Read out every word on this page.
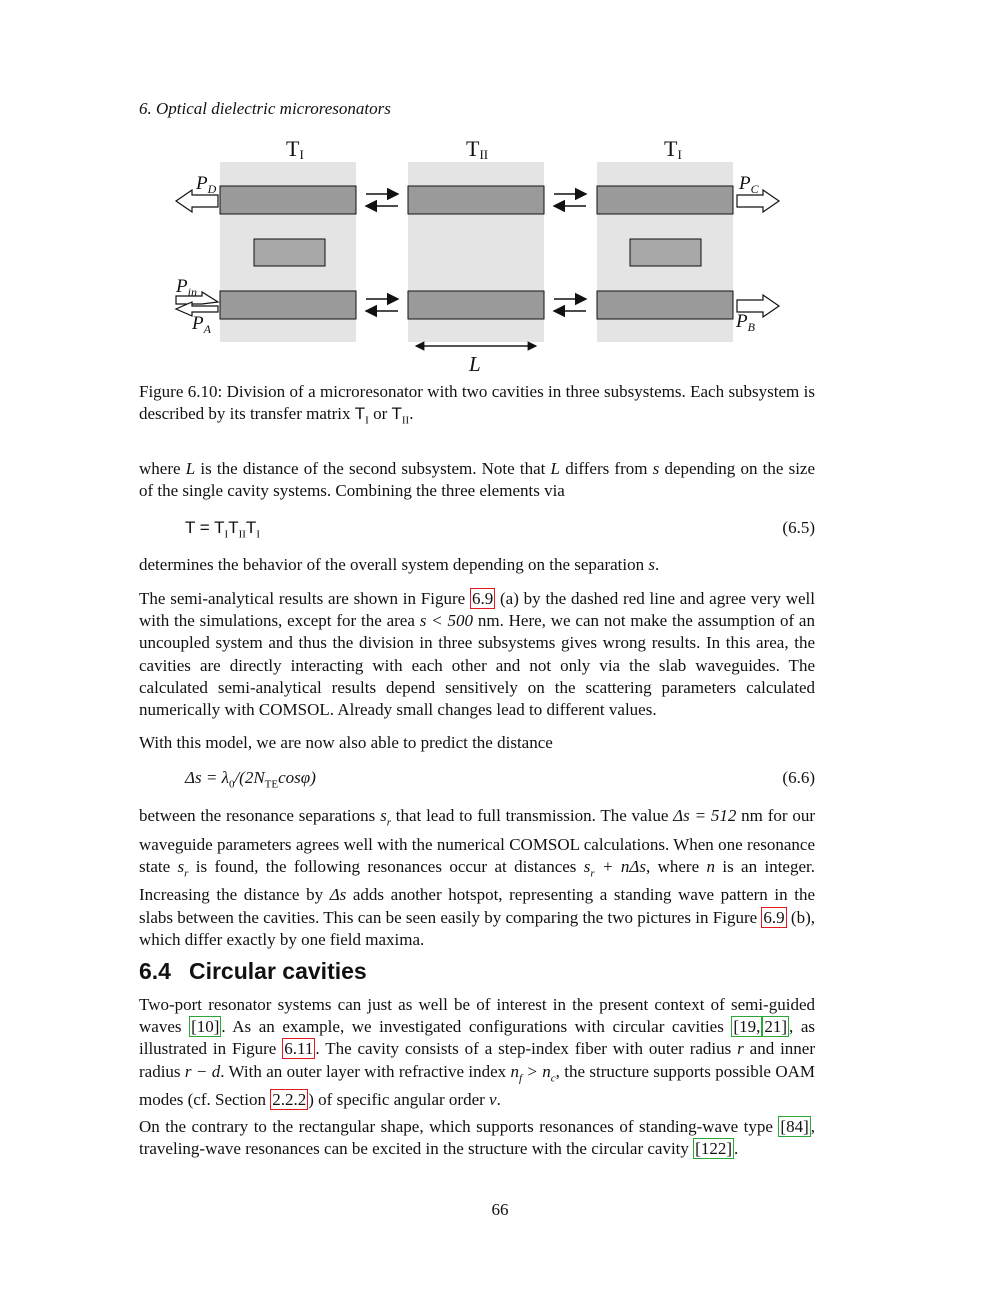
6. Optical dielectric microresonators
TI	TII	TI
$P_D$	$P_C$
$P_{in}$
$P_A$	$P_B$
L
Figure 6.10: Division of a microresonator with two cavities in three subsystems. Each subsystem is described by its transfer matrix $T_I$ or $T_{II}$.
where L is the distance of the second subsystem. Note that L differs from s depending on the size of the single cavity systems. Combining the three elements via
$T = T_IT_{II}T_I$	(6.5)
determines the behavior of the overall system depending on the separation s.
The semi-analytical results are shown in Figure 6.9 (a) by the dashed red line and agree very well with the simulations, except for the area s < 500 nm. Here, we can not make the assumption of an uncoupled system and thus the division in three subsystems gives wrong results. In this area, the cavities are directly interacting with each other and not only via the slab waveguides. The calculated semi-analytical results depend sensitively on the scattering parameters calculated numerically with COMSOL. Already small changes lead to different values.
With this model, we are now also able to predict the distance
$\Delta s = \lambda_0/(2N_{TE}\cos\varphi)$	(6.6)
between the resonance separations $s_r$ that lead to full transmission. The value Δs = 512 nm for our waveguide parameters agrees well with the numerical COMSOL calculations. When one resonance state $s_r$ is found, the following resonances occur at distances $s_r + n\Delta s$, where n is an integer. Increasing the distance by Δs adds another hotspot, representing a standing wave pattern in the slabs between the cavities. This can be seen easily by comparing the two pictures in Figure 6.9 (b), which differ exactly by one field maxima.
6.4 Circular cavities
Two-port resonator systems can just as well be of interest in the present context of semi-guided waves [10] . As an example, we investigated configurations with circular cavities [19, 21] , as illustrated in Figure 6.11 . The cavity consists of a step-index fiber with outer radius r and inner radius r − d. With an outer layer with refractive index $n_f > n_c$, the structure supports possible OAM modes (cf. Section 2.2.2 ) of specific angular order ν.
On the contrary to the rectangular shape, which supports resonances of standing-wave type [84] , traveling-wave resonances can be excited in the structure with the circular cavity [122] .
66
